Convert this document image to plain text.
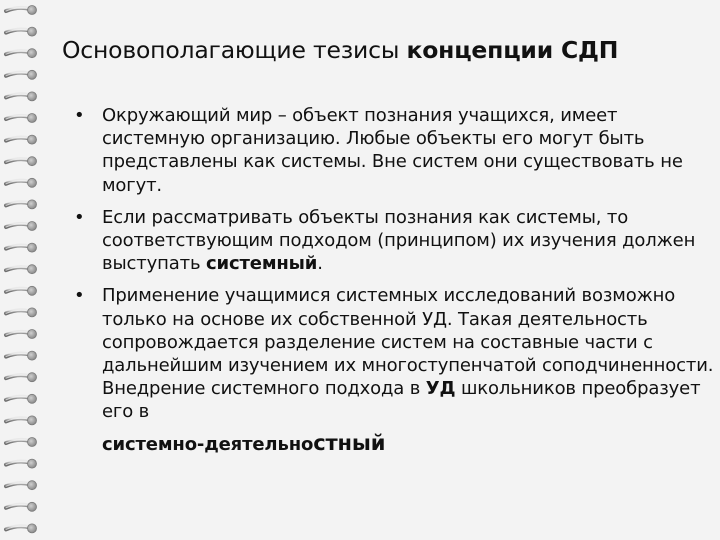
Основополагающие тезисы концепции СДП
• Окружающий мир – объект познания учащихся, имеет системную организацию. Любые объекты его могут быть представлены как системы. Вне систем они существовать не могут.
• Если рассматривать объекты познания как системы, то соответствующим подходом (принципом) их изучения должен выступать системный.
• Применение учащимися системных исследований возможно только на основе их собственной УД. Такая деятельность сопровождается разделение систем на составные части с дальнейшим изучением их многоступенчатой соподчиненности. Внедрение системного подхода в УД школьников преобразует его в
системно-деятельностный
